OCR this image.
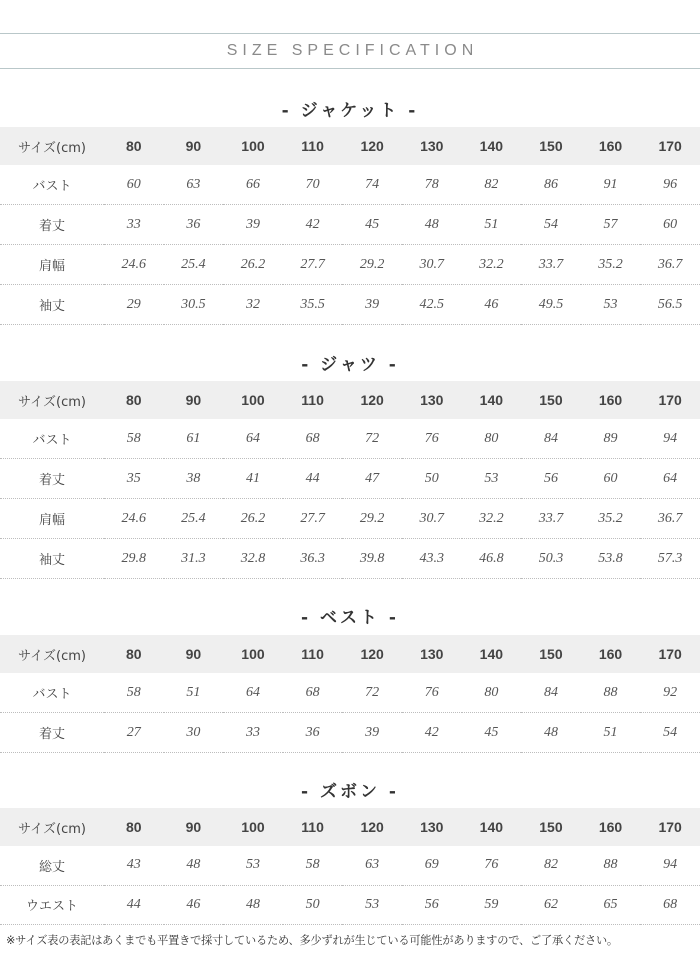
SIZE SPECIFICATION
- ジャケット -
サイズ(cm)	80	90	100	110	120	130	140	150	160	170
バスト	60	63	66	70	74	78	82	86	91	96
着丈	33	36	39	42	45	48	51	54	57	60
肩幅	24.6	25.4	26.2	27.7	29.2	30.7	32.2	33.7	35.2	36.7
袖丈	29	30.5	32	35.5	39	42.5	46	49.5	53	56.5
- ジャツ -
サイズ(cm)	80	90	100	110	120	130	140	150	160	170
バスト	58	61	64	68	72	76	80	84	89	94
着丈	35	38	41	44	47	50	53	56	60	64
肩幅	24.6	25.4	26.2	27.7	29.2	30.7	32.2	33.7	35.2	36.7
袖丈	29.8	31.3	32.8	36.3	39.8	43.3	46.8	50.3	53.8	57.3
- ベスト -
サイズ(cm)	80	90	100	110	120	130	140	150	160	170
バスト	58	51	64	68	72	76	80	84	88	92
着丈	27	30	33	36	39	42	45	48	51	54
- ズボン -
サイズ(cm)	80	90	100	110	120	130	140	150	160	170
総丈	43	48	53	58	63	69	76	82	88	94
ウエスト	44	46	48	50	53	56	59	62	65	68
※サイズ表の表記はあくまでも平置きで採寸しているため、多少ずれが生じている可能性がありますので、ご了承ください。
